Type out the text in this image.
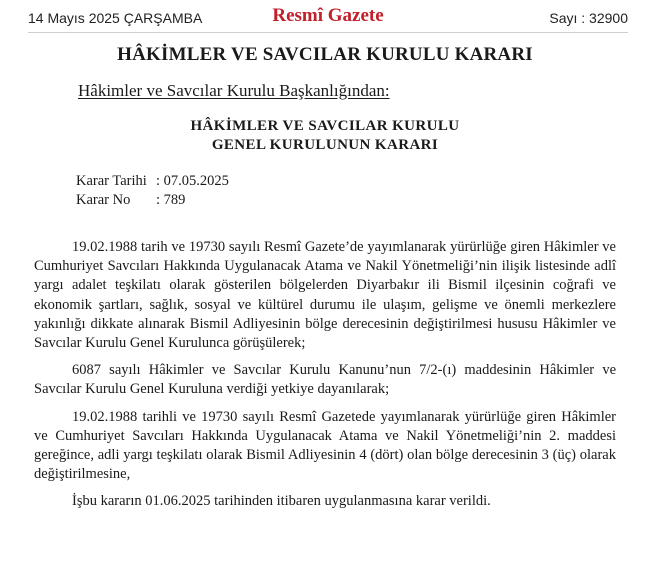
14 Mayıs 2025 ÇARŞAMBA	Resmî Gazete	Sayı : 32900
HÂKİMLER VE SAVCILAR KURULU KARARI
Hâkimler ve Savcılar Kurulu Başkanlığından:
HÂKİMLER VE SAVCILAR KURULU
GENEL KURULUNUN KARARI
Karar Tarihi : 07.05.2025
Karar No	: 789

19.02.1988 tarih ve 19730 sayılı Resmî Gazete’de yayımlanarak yürürlüğe giren Hâkimler ve Cumhuriyet Savcıları Hakkında Uygulanacak Atama ve Nakil Yönetmeliği’nin ilişik listesinde adlî yargı adalet teşkilatı olarak gösterilen bölgelerden Diyarbakır ili Bismil ilçesinin coğrafi ve ekonomik şartları, sağlık, sosyal ve kültürel durumu ile ulaşım, gelişme ve önemli merkezlere yakınlığı dikkate alınarak Bismil Adliyesinin bölge derecesinin değiştirilmesi hususu Hâkimler ve Savcılar Kurulu Genel Kurulunca görüşülerek;

6087 sayılı Hâkimler ve Savcılar Kurulu Kanunu’nun 7/2-(ı) maddesinin Hâkimler ve Savcılar Kurulu Genel Kuruluna verdiği yetkiye dayanılarak;

19.02.1988 tarihli ve 19730 sayılı Resmî Gazetede yayımlanarak yürürlüğe giren Hâkimler ve Cumhuriyet Savcıları Hakkında Uygulanacak Atama ve Nakil Yönetmeliği’nin 2. maddesi gereğince, adli yargı teşkilatı olarak Bismil Adliyesinin 4 (dört) olan bölge derecesinin 3 (üç) olarak değiştirilmesine,

İşbu kararın 01.06.2025 tarihinden itibaren uygulanmasına karar verildi.
